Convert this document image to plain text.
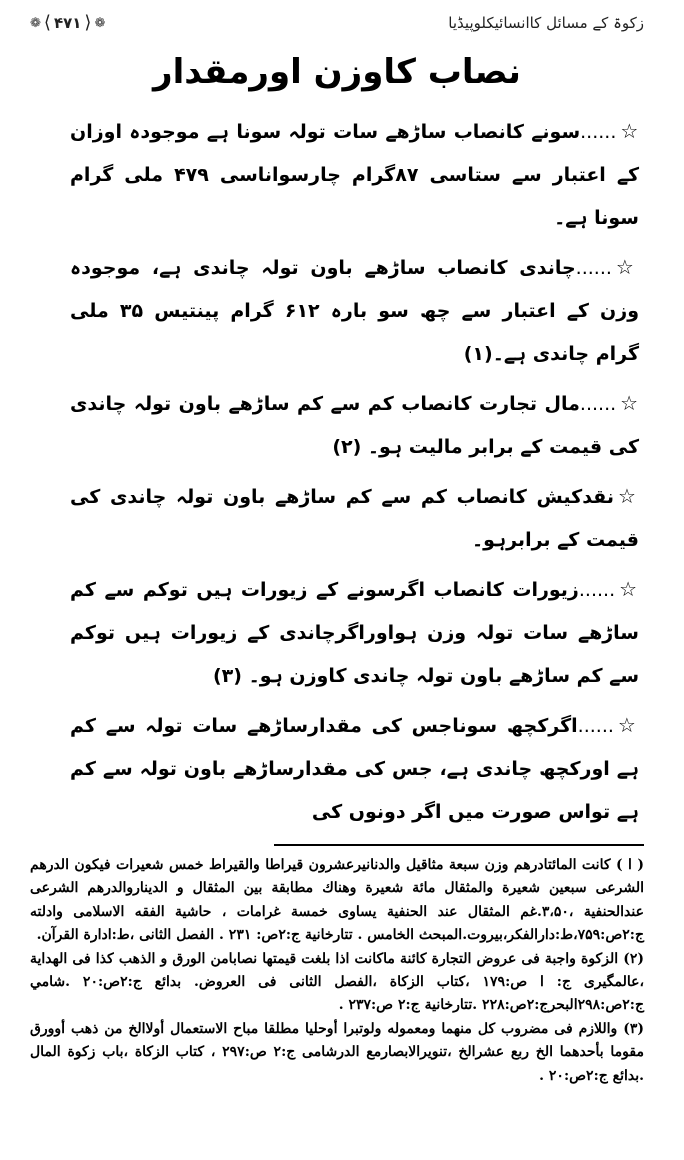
زکوۃ کے مسائل کاانسائیکلوپیڈیا
❁ ⟨ ۴۷۱ ⟩ ❁
نصاب کاوزن اورمقدار

☆......سونے کانصاب ساڑھے سات تولہ سونا ہے موجودہ اوزان کے اعتبار سے ستاسی ۸۷گرام چارسواناسی ۴۷۹ ملی گرام سونا ہے۔

☆......چاندی کانصاب ساڑھے باون تولہ چاندی ہے، موجودہ وزن کے اعتبار سے چھ سو بارہ ۶۱۲ گرام پینتیس ۳۵ ملی گرام چاندی ہے۔(۱)

☆......مال تجارت کانصاب کم سے کم ساڑھے باون تولہ چاندی کی قیمت کے برابر مالیت ہو۔ (۲)

☆نقدکیش کانصاب کم سے کم ساڑھے باون تولہ چاندی کی قیمت کے برابرہو۔

☆......زیورات کانصاب اگرسونے کے زیورات ہیں توکم سے کم ساڑھے سات تولہ وزن ہواوراگرچاندی کے زیورات ہیں توکم سے کم ساڑھے باون تولہ چاندی کاوزن ہو۔ (۳)

☆......اگرکچھ سوناجس کی مقدارساڑھے سات تولہ سے کم ہے اورکچھ چاندی ہے، جس کی مقدارساڑھے باون تولہ سے کم ہے تواس صورت میں اگر دونوں کی

( ا ) كانت المائتادرهم وزن سبعة مثاقيل والدنانيرعشرون قيراطا والقيراط خمس شعيرات فيكون الدرهم الشرعى سبعين شعيرة والمثقال مائة شعيرة وهناك مطابقة بين المثقال و الديناروالدرهم الشرعى عندالحنفية ،۳،۵۰.غم المثقال عند الحنفية يساوى خمسة غرامات ، حاشية الفقه الاسلامى وادلته ج:۲ص:۷۵۹،ط:دارالفكر،بيروت.المبحث الخامس . تتارخانية ج:۲ص: ۲۳۱ . الفصل الثانى ،ط:ادارة القرآن.

(۲) الزكوة واجبة فى عروض التجارة كائنة ماكانت اذا بلغت قيمتها نصابامن الورق و الذهب كذا فى الهداية ،عالمگیری ج: ا ص:۱۷۹ ،كتاب الزكاة ،الفصل الثانى فى العروض. بدائع ج:۲ص:۲۰ .شامي ج:۲ص:۲۹۸البحرج:۲ص:۲۲۸ .تتارخانية ج:۲ ص:۲۳۷ .

(۳) واللازم فى مضروب كل منهما ومعموله ولوتبرا أوحليا مطلقا مباح الاستعمال أولاالخ من ذهب أوورق مقوما بأحدهما الخ ربع عشرالخ ،تنويرالابصارمع الدرشامى ج:۲ ص:۲۹۷ ، كتاب الزكاة ،باب زكوة المال .بدائع ج:۲ص:۲۰ .
